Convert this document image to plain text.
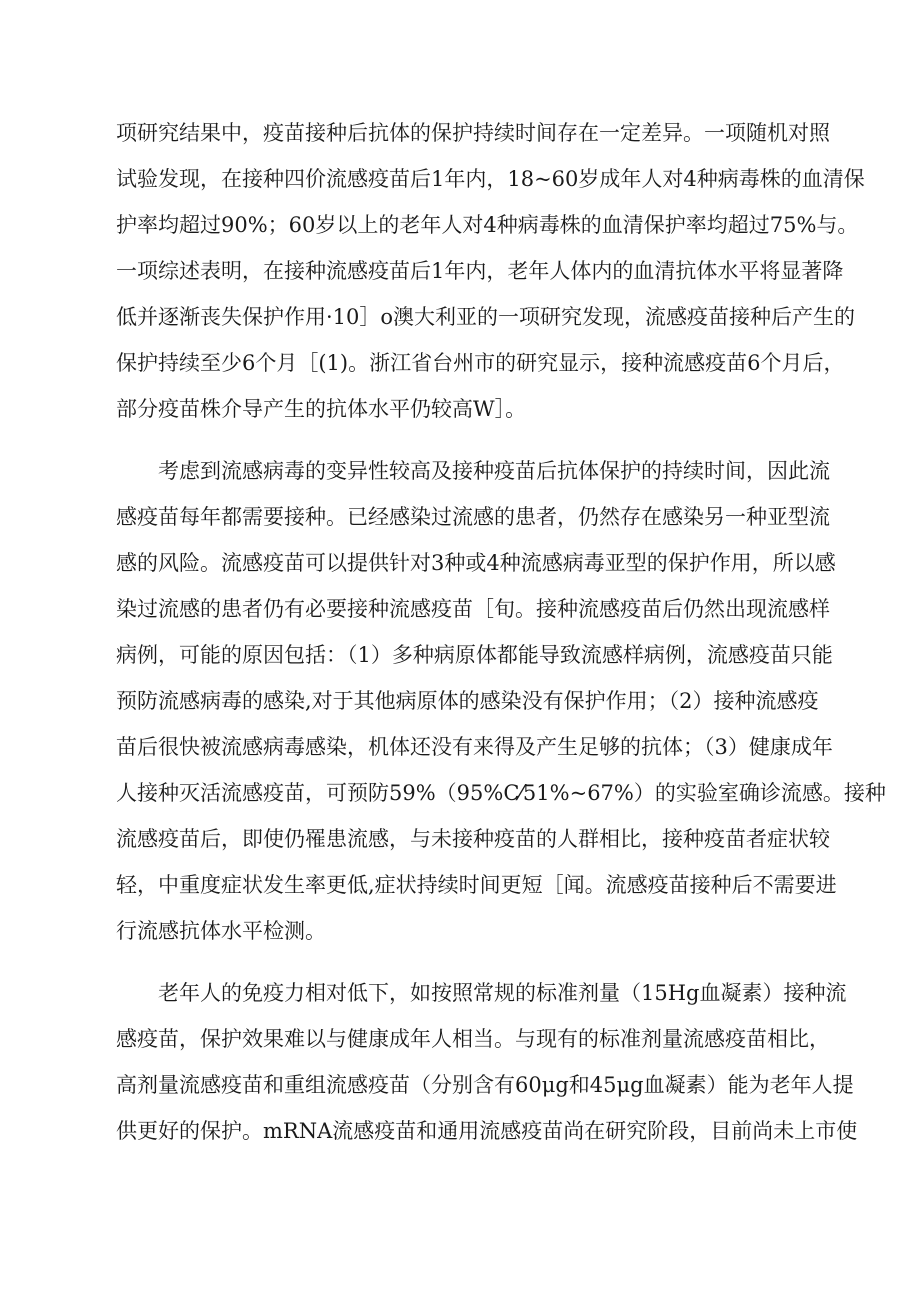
项研究结果中，疫苗接种后抗体的保护持续时间存在一定差异。一项随机对照
试验发现，在接种四价流感疫苗后1年内，18~60岁成年人对4种病毒株的血清保
护率均超过90%；60岁以上的老年人对4种病毒株的血清保护率均超过75%与。
一项综述表明，在接种流感疫苗后1年内，老年人体内的血清抗体水平将显著降
低并逐渐丧失保护作用·10］o澳大利亚的一项研究发现，流感疫苗接种后产生的
保护持续至少6个月［(1)。浙江省台州市的研究显示，接种流感疫苗6个月后，
部分疫苗株介导产生的抗体水平仍较高W］。
考虑到流感病毒的变异性较高及接种疫苗后抗体保护的持续时间，因此流
感疫苗每年都需要接种。已经感染过流感的患者，仍然存在感染另一种亚型流
感的风险。流感疫苗可以提供针对3种或4种流感病毒亚型的保护作用，所以感
染过流感的患者仍有必要接种流感疫苗［旬。接种流感疫苗后仍然出现流感样
病例，可能的原因包括：（1）多种病原体都能导致流感样病例，流感疫苗只能
预防流感病毒的感染,对于其他病原体的感染没有保护作用；（2）接种流感疫
苗后很快被流感病毒感染，机体还没有来得及产生足够的抗体；（3）健康成年
人接种灭活流感疫苗，可预防59%（95%C⁄51%~67%）的实验室确诊流感。接种
流感疫苗后，即使仍罹患流感，与未接种疫苗的人群相比，接种疫苗者症状较
轻，中重度症状发生率更低,症状持续时间更短［闻。流感疫苗接种后不需要进
行流感抗体水平检测。
老年人的免疫力相对低下，如按照常规的标准剂量（15Hg血凝素）接种流
感疫苗，保护效果难以与健康成年人相当。与现有的标准剂量流感疫苗相比，
高剂量流感疫苗和重组流感疫苗（分别含有60μg和45μg血凝素）能为老年人提
供更好的保护。mRNA流感疫苗和通用流感疫苗尚在研究阶段，目前尚未上市使
